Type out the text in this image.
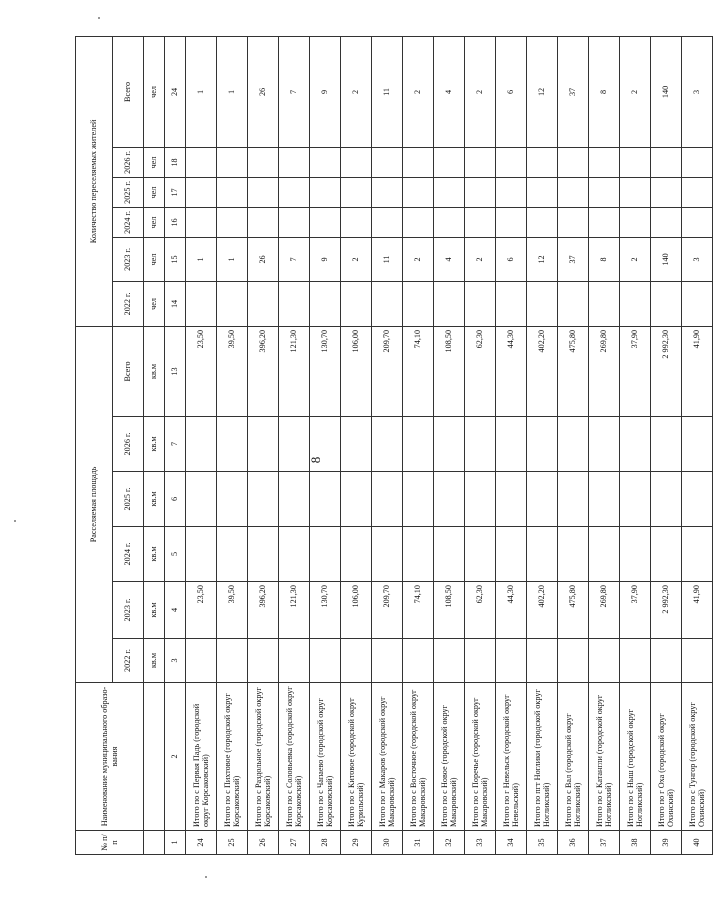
8
№ п/п	Наименование муниципального образо-вания	Расселяемая площадь						Количество переселяемых жителей					
		2022 г.	2023 г.	2024 г.	2025 г.	2026 г.	Всего	2022 г.	2023 г.	2024 г.	2025 г.	2026 г.	Всего
		кв.м	кв.м	кв.м	кв.м	кв.м	кв.м	чел	чел	чел	чел	чел	чел
1	2	3	4	5	6	7	13	14	15	16	17	18	24
24	Итого по с Первая Падь (городской округ Корсаковский)		23,50				23,50		1				1
25	Итого по с Пихтовое (городской округ Корсаковский)		39,50				39,50		1				1
26	Итого по с Раздольное (городской округ Корсаковский)		396,20				396,20		26				26
27	Итого по с Соловьевка (городской округ Корсаковский)		121,30				121,30		7				7
28	Итого по с Чапаево (городской округ Корсаковский)		130,70				130,70		9				9
29	Итого по с Китовое (городской округ Курильский)		106,00				106,00		2				2
30	Итого по г Макаров (городской округ Макаровский)		209,70				209,70		11				11
31	Итого по с Восточное (городской округ Макаровский)		74,10				74,10		2				2
32	Итого по с Новое (городской округ Макаровский)		108,50				108,50		4				4
33	Итого по с Поречье (городской округ Макаровский)		62,30				62,30		2				2
34	Итого по г Невельск (городской округ Невельский)		44,30				44,30		6				6
35	Итого по пгт Ноглики (городской округ Ногликский)		402,20				402,20		12				12
36	Итого по с Вал (городской округ Ногликский)		475,80				475,80		37				37
37	Итого по с Катангли (городской округ Ногликский)		269,80				269,80		8				8
38	Итого по с Ныш (городской округ Ногликский)		37,90				37,90		2				2
39	Итого по г Оха (городской округ Охинский)		2 992,30				2 992,30		140				140
40	Итого по с Тунгор (городской округ Охинский)		41,90				41,90		3				3
